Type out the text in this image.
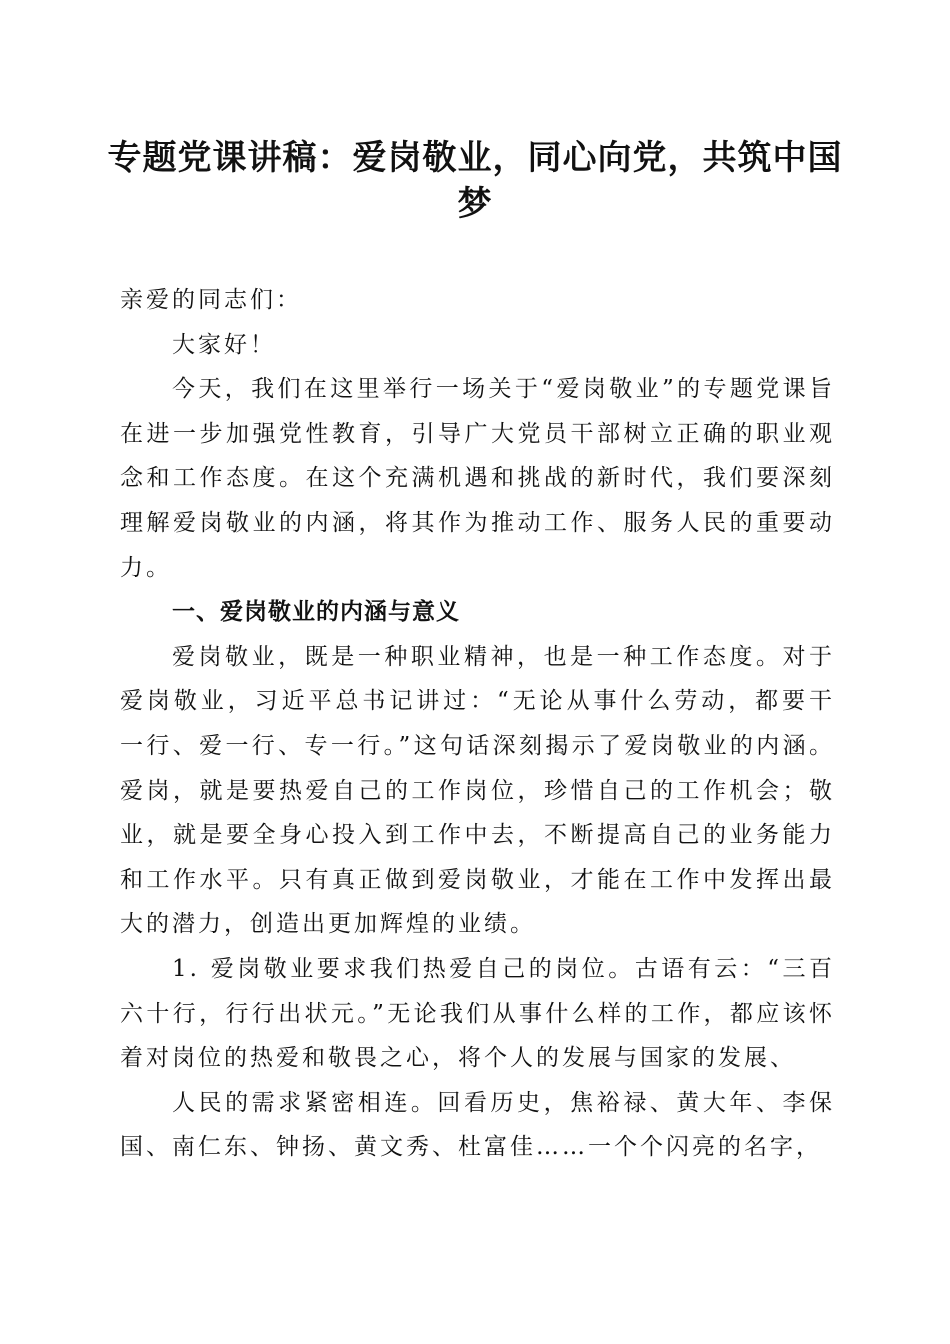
专题党课讲稿：爱岗敬业，同心向党，共筑中国梦

亲爱的同志们：

大家好！

今天，我们在这里举行一场关于“爱岗敬业”的专题党课旨在进一步加强党性教育，引导广大党员干部树立正确的职业观念和工作态度。在这个充满机遇和挑战的新时代，我们要深刻理解爱岗敬业的内涵，将其作为推动工作、服务人民的重要动力。

一、爱岗敬业的内涵与意义

爱岗敬业，既是一种职业精神，也是一种工作态度。对于爱岗敬业，习近平总书记讲过：“无论从事什么劳动，都要干一行、爱一行、专一行。”这句话深刻揭示了爱岗敬业的内涵。爱岗，就是要热爱自己的工作岗位，珍惜自己的工作机会；敬业，就是要全身心投入到工作中去，不断提高自己的业务能力和工作水平。只有真正做到爱岗敬业，才能在工作中发挥出最大的潜力，创造出更加辉煌的业绩。

1. 爱岗敬业要求我们热爱自己的岗位。古语有云：“三百六十行，行行出状元。”无论我们从事什么样的工作，都应该怀着对岗位的热爱和敬畏之心，将个人的发展与国家的发展、

人民的需求紧密相连。回看历史，焦裕禄、黄大年、李保国、南仁东、钟扬、黄文秀、杜富佳……一个个闪亮的名字，
